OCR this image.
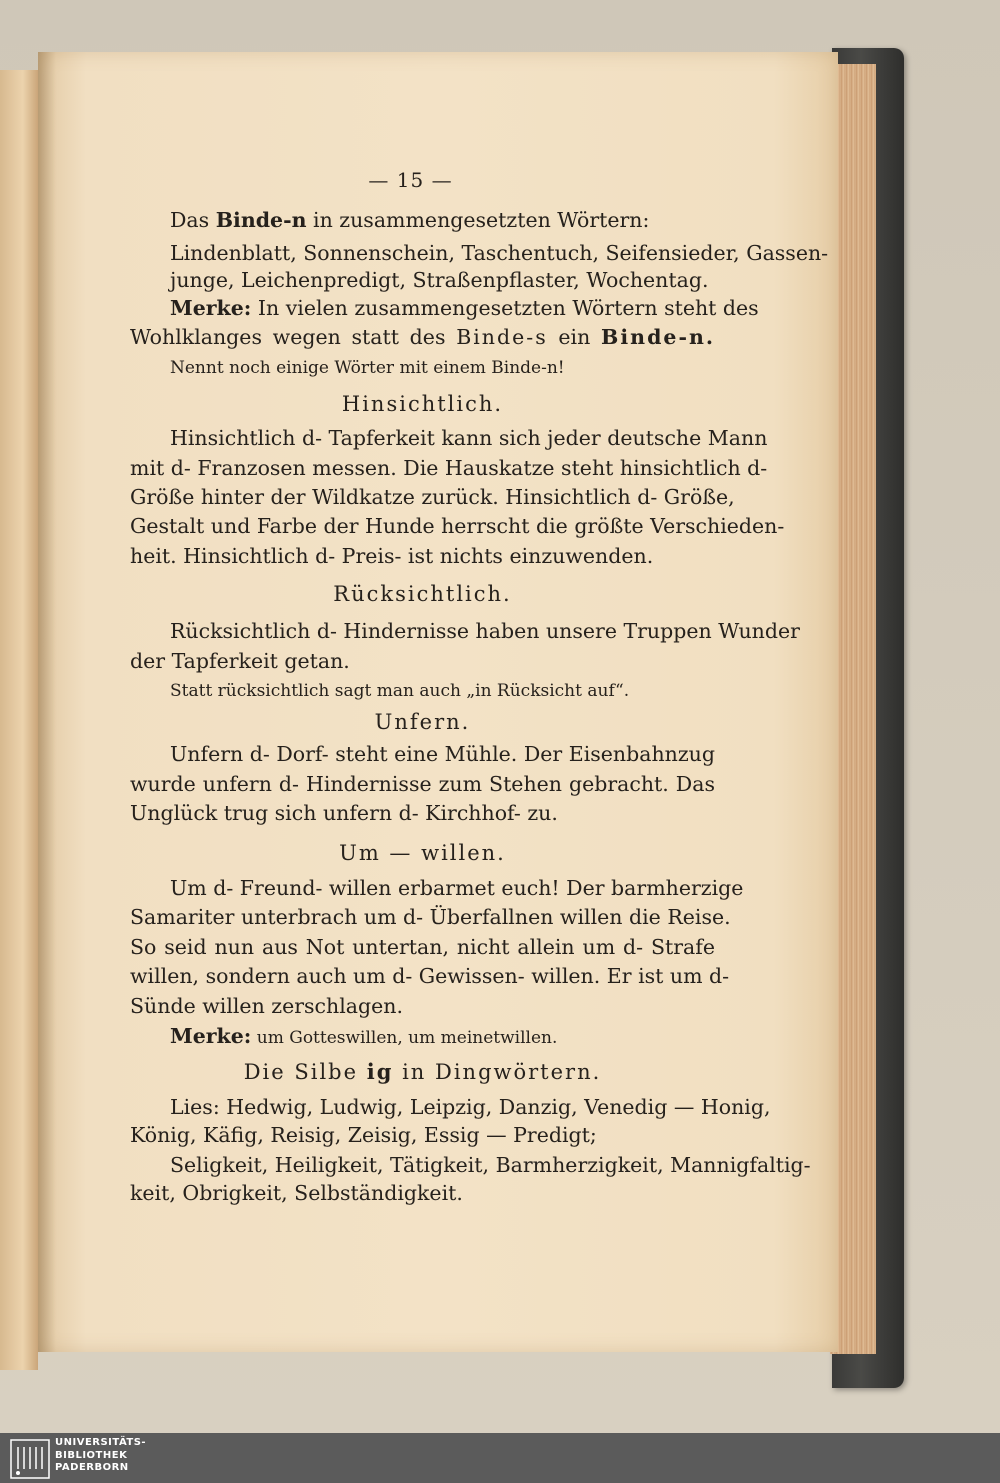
— 15 —
Das Binde-n in zusammengesetzten Wörtern:
Lindenblatt, Sonnenschein, Taschentuch, Seifensieder, Gassen-
junge, Leichenpredigt, Straßenpflaster, Wochentag.
Merke: In vielen zusammengesetzten Wörtern steht des
Wohlklanges wegen statt des Binde-s ein Binde-n.
Nennt noch einige Wörter mit einem Binde-n!
Hinsichtlich.
Hinsichtlich d- Tapferkeit kann sich jeder deutsche Mann
mit d- Franzosen messen. Die Hauskatze steht hinsichtlich d-
Größe hinter der Wildkatze zurück. Hinsichtlich d- Größe,
Gestalt und Farbe der Hunde herrscht die größte Verschieden-
heit. Hinsichtlich d- Preis- ist nichts einzuwenden.
Rücksichtlich.
Rücksichtlich d- Hindernisse haben unsere Truppen Wunder
der Tapferkeit getan.
Statt rücksichtlich sagt man auch „in Rücksicht auf“.
Unfern.
Unfern d- Dorf- steht eine Mühle. Der Eisenbahnzug
wurde unfern d- Hindernisse zum Stehen gebracht. Das
Unglück trug sich unfern d- Kirchhof- zu.
Um — willen.
Um d- Freund- willen erbarmet euch! Der barmherzige
Samariter unterbrach um d- Überfallnen willen die Reise.
So seid nun aus Not untertan, nicht allein um d- Strafe
willen, sondern auch um d- Gewissen- willen. Er ist um d-
Sünde willen zerschlagen.
Merke: um Gotteswillen, um meinetwillen.
Die Silbe ig in Dingwörtern.
Lies: Hedwig, Ludwig, Leipzig, Danzig, Venedig — Honig,
König, Käfig, Reisig, Zeisig, Essig — Predigt;
Seligkeit, Heiligkeit, Tätigkeit, Barmherzigkeit, Mannigfaltig-
keit, Obrigkeit, Selbständigkeit.
UNIVERSITÄTS-
BIBLIOTHEK
PADERBORN
